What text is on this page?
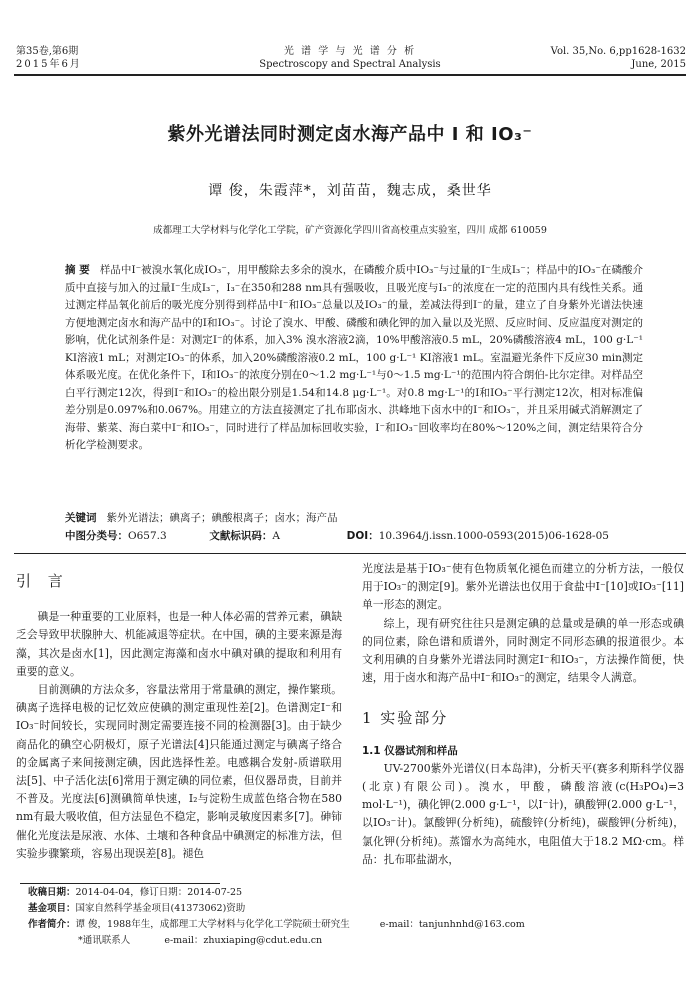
第35卷,第6期
2015年6月
光 谱 学 与 光 谱 分 析
Spectroscopy and Spectral Analysis
Vol. 35,No. 6,pp1628-1632
June, 2015
紫外光谱法同时测定卤水海产品中 I 和 IO₃⁻
谭 俊，朱霞萍*，刘苗苗，魏志成，桑世华
成都理工大学材料与化学化工学院，矿产资源化学四川省高校重点实验室，四川 成都 610059
摘 要 样品中I⁻被溴水氧化成IO₃⁻，用甲酸除去多余的溴水，在磷酸介质中IO₃⁻与过量的I⁻生成I₃⁻；样品中的IO₃⁻在磷酸介质中直接与加入的过量I⁻生成I₃⁻，I₃⁻在350和288 nm具有强吸收，且吸光度与I₃⁻的浓度在一定的范围内具有线性关系。通过测定样品氧化前后的吸光度分别得到样品中I⁻和IO₃⁻总量以及IO₃⁻的量，差减法得到I⁻的量，建立了自身紫外光谱法快速方便地测定卤水和海产品中的I和IO₃⁻。讨论了溴水、甲酸、磷酸和碘化钾的加入量以及光照、反应时间、反应温度对测定的影响，优化试剂条件是：对测定I⁻的体系，加入3% 溴水溶液2滴，10%甲酸溶液0.5 mL，20%磷酸溶液4 mL，100 g·L⁻¹ KI溶液1 mL；对测定IO₃⁻的体系，加入20%磷酸溶液0.2 mL，100 g·L⁻¹ KI溶液1 mL。室温避光条件下反应30 min测定体系吸光度。在优化条件下，I和IO₃⁻的浓度分别在0～1.2 mg·L⁻¹与0～1.5 mg·L⁻¹的范围内符合朗伯-比尔定律。对样品空白平行测定12次，得到I⁻和IO₃⁻的检出限分别是1.54和14.8 μg·L⁻¹。对0.8 mg·L⁻¹的I和IO₃⁻平行测定12次，相对标准偏差分别是0.097%和0.067%。用建立的方法直接测定了扎布耶卤水、洪峰地下卤水中的I⁻和IO₃⁻，并且采用碱式消解测定了海带、紫菜、海白菜中I⁻和IO₃⁻，同时进行了样品加标回收实验，I⁻和IO₃⁻回收率均在80%～120%之间，测定结果符合分析化学检测要求。
关键词 紫外光谱法；碘离子；碘酸根离子；卤水；海产品
中图分类号：O657.3	文献标识码：A	DOI：10.3964/j.issn.1000-0593(2015)06-1628-05
引 言

碘是一种重要的工业原料，也是一种人体必需的营养元素，碘缺乏会导致甲状腺肿大、机能减退等症状。在中国，碘的主要来源是海藻，其次是卤水[1]，因此测定海藻和卤水中碘对碘的提取和利用有重要的意义。

目前测碘的方法众多，容量法常用于常量碘的测定，操作繁琐。碘离子选择电极的记忆效应使碘的测定重现性差[2]。色谱测定I⁻和IO₃⁻时间较长，实现同时测定需要连接不同的检测器[3]。由于缺少商品化的碘空心阴极灯，原子光谱法[4]只能通过测定与碘离子络合的金属离子来间接测定碘，因此选择性差。电感耦合发射-质谱联用法[5]、中子活化法[6]常用于测定碘的同位素，但仪器昂贵，目前并不普及。光度法[6]测碘简单快速，I₂与淀粉生成蓝色络合物在580 nm有最大吸收值，但方法显色不稳定，影响灵敏度因素多[7]。砷铈催化光度法是尿液、水体、土壤和各种食品中碘测定的标准方法，但实验步骤繁琐，容易出现误差[8]。褪色

光度法是基于IO₃⁻使有色物质氧化褪色而建立的分析方法，一般仅用于IO₃⁻的测定[9]。紫外光谱法也仅用于食盐中I⁻[10]或IO₃⁻[11]单一形态的测定。

综上，现有研究往往只是测定碘的总量或是碘的单一形态或碘的同位素，除色谱和质谱外，同时测定不同形态碘的报道很少。本文利用碘的自身紫外光谱法同时测定I⁻和IO₃⁻，方法操作简便，快速，用于卤水和海产品中I⁻和IO₃⁻的测定，结果令人满意。

1 实验部分
1.1 仪器试剂和样品

UV-2700紫外光谱仪(日本岛津)，分析天平(赛多利斯科学仪器(北京)有限公司)。溴水，甲酸，磷酸溶液(c(H₃PO₄)=3 mol·L⁻¹)，碘化钾(2.000 g·L⁻¹，以I⁻计)，碘酸钾(2.000 g·L⁻¹，以IO₃⁻计)。氯酸钾(分析纯)，硫酸锌(分析纯)，碳酸钾(分析纯)，氯化钾(分析纯)。蒸馏水为高纯水，电阻值大于18.2 MΩ·cm。样品：扎布耶盐湖水，

收稿日期：2014-04-04，修订日期：2014-07-25
基金项目：国家自然科学基金项目(41373062)资助
作者简介：谭 俊，1988年生，成都理工大学材料与化学化工学院硕士研究生	e-mail：tanjunhnhd@163.com
*通讯联系人	e-mail：zhuxiaping@cdut.edu.cn
